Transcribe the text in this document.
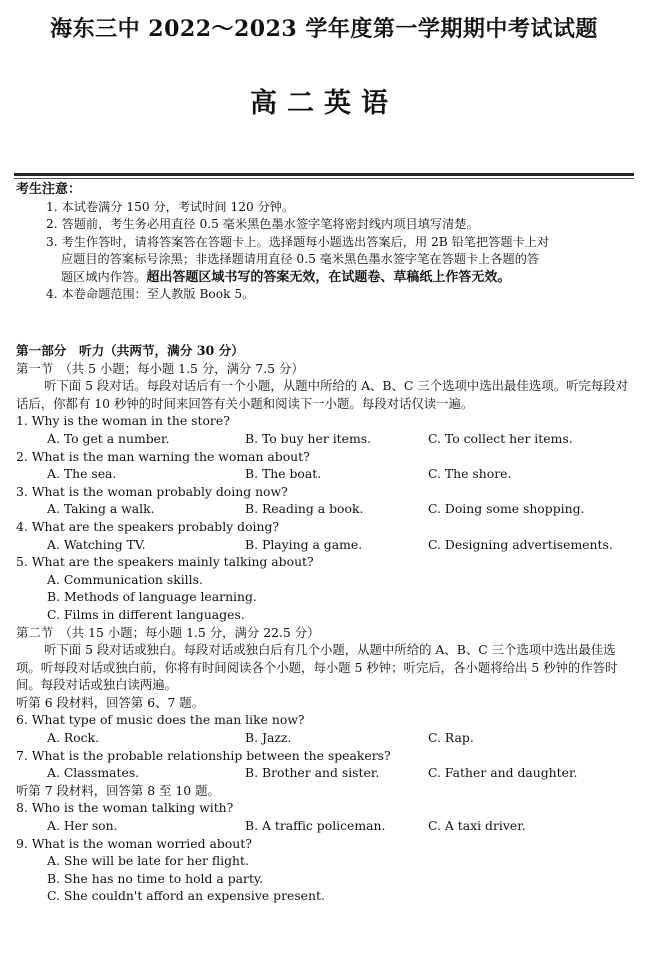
海东三中 2022～2023 学年度第一学期期中考试试题
高二英语
考生注意：
1. 本试卷满分 150 分，考试时间 120 分钟。
2. 答题前，考生务必用直径 0.5 毫米黑色墨水签字笔将密封线内项目填写清楚。
3. 考生作答时，请将答案答在答题卡上。选择题每小题选出答案后，用 2B 铅笔把答题卡上对
应题目的答案标号涂黑；非选择题请用直径 0.5 毫米黑色墨水签字笔在答题卡上各题的答
题区域内作答。超出答题区域书写的答案无效，在试题卷、草稿纸上作答无效。
4. 本卷命题范围：至人教版 Book 5。
第一部分　听力（共两节，满分 30 分）
第一节　（共 5 小题；每小题 1.5 分，满分 7.5 分）
听下面 5 段对话。每段对话后有一个小题，从题中所给的 A、B、C 三个选项中选出最佳选项。听完每段对话后，你都有 10 秒钟的时间来回答有关小题和阅读下一小题。每段对话仅读一遍。
1. Why is the woman in the store?
A. To get a number.	B. To buy her items.	C. To collect her items.
2. What is the man warning the woman about?
A. The sea.	B. The boat.	C. The shore.
3. What is the woman probably doing now?
A. Taking a walk.	B. Reading a book.	C. Doing some shopping.
4. What are the speakers probably doing?
A. Watching TV.	B. Playing a game.	C. Designing advertisements.
5. What are the speakers mainly talking about?
A. Communication skills.
B. Methods of language learning.
C. Films in different languages.
第二节　（共 15 小题；每小题 1.5 分，满分 22.5 分）
听下面 5 段对话或独白。每段对话或独白后有几个小题，从题中所给的 A、B、C 三个选项中选出最佳选项。听每段对话或独白前，你将有时间阅读各个小题，每小题 5 秒钟；听完后，各小题将给出 5 秒钟的作答时间。每段对话或独白读两遍。
听第 6 段材料，回答第 6、7 题。
6. What type of music does the man like now?
A. Rock.	B. Jazz.	C. Rap.
7. What is the probable relationship between the speakers?
A. Classmates.	B. Brother and sister.	C. Father and daughter.
听第 7 段材料，回答第 8 至 10 题。
8. Who is the woman talking with?
A. Her son.	B. A traffic policeman.	C. A taxi driver.
9. What is the woman worried about?
A. She will be late for her flight.
B. She has no time to hold a party.
C. She couldn't afford an expensive present.
